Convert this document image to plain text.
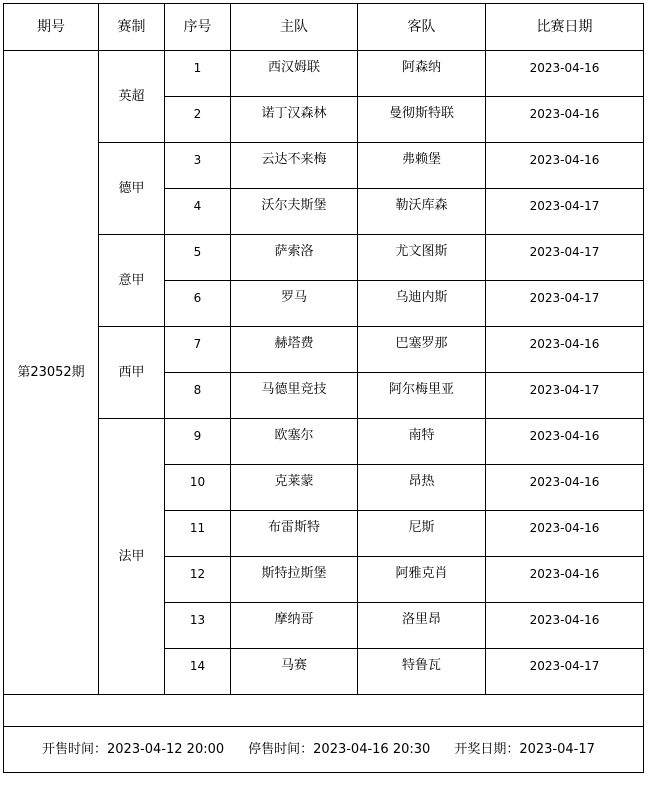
期号	赛制	序号	主队	客队	比赛日期
第23052期	英超	1	西汉姆联	阿森纳	2023-04-16
		2	诺丁汉森林	曼彻斯特联	2023-04-16
	德甲	3	云达不来梅	弗赖堡	2023-04-16
		4	沃尔夫斯堡	勒沃库森	2023-04-17
	意甲	5	萨索洛	尤文图斯	2023-04-17
		6	罗马	乌迪内斯	2023-04-17
	西甲	7	赫塔费	巴塞罗那	2023-04-16
		8	马德里竞技	阿尔梅里亚	2023-04-17
	法甲	9	欧塞尔	南特	2023-04-16
		10	克莱蒙	昂热	2023-04-16
		11	布雷斯特	尼斯	2023-04-16
		12	斯特拉斯堡	阿雅克肖	2023-04-16
		13	摩纳哥	洛里昂	2023-04-16
		14	马赛	特鲁瓦	2023-04-17

开售时间：2023-04-12 20:00 停售时间：2023-04-16 20:30 开奖日期：2023-04-17					
